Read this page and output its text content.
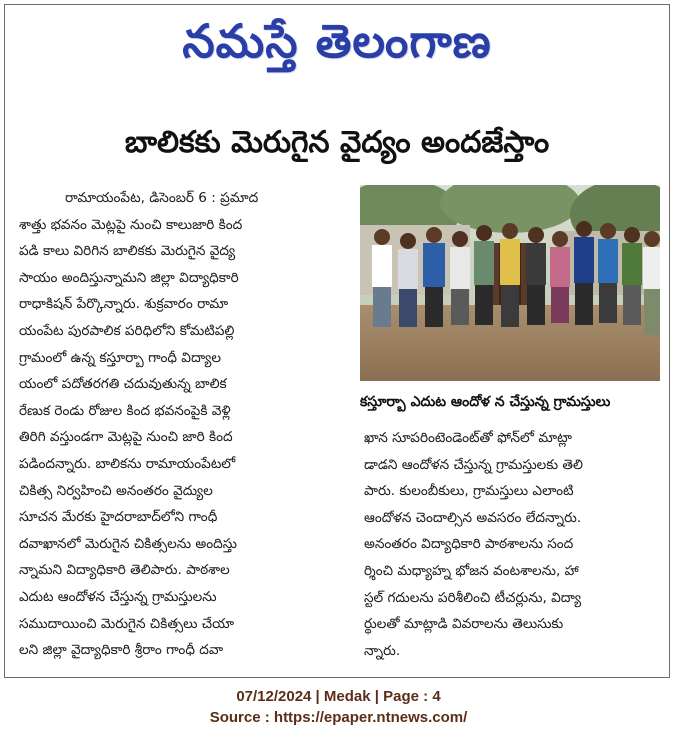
నమస్తే తెలంగాణ
బాలికకు మెరుగైన వైద్యం అందజేస్తాం

రామాయంపేట, డిసెంబర్ 6 : ప్రమాద

శాత్తు భవనం మెట్లపై నుంచి కాలుజారి కింద

పడి కాలు విరిగిన బాలికకు మెరుగైన వైద్య

సాయం అందిస్తున్నామని జిల్లా విద్యాధికారి

రాధాకిషన్ పేర్కొన్నారు. శుక్రవారం రామా

యంపేట పురపాలిక పరిధిలోని కోమటిపల్లి

గ్రామంలో ఉన్న కస్తూర్బా గాంధీ విద్యాల

యంలో పదోతరగతి చదువుతున్న బాలిక

రేణుక రెండు రోజుల కింద భవనంపైకి వెళ్లి

తిరిగి వస్తుండగా మెట్లపై నుంచి జారి కింద

పడిందన్నారు. బాలికను రామాయంపేటలో

చికిత్స నిర్వహించి అనంతరం వైద్యుల

సూచన మేరకు హైదరాబాద్‌లోని గాంధీ

దవాఖానలో మెరుగైన చికిత్సలను అందిస్తు

న్నామని విద్యాధికారి తెలిపారు. పాఠశాల

ఎదుట ఆందోళన చేస్తున్న గ్రామస్తులను

సముదాయించి మెరుగైన చికిత్సలు చేయా

లని జిల్లా వైద్యాధికారి శ్రీరాం గాంధీ దవా

కస్తూర్బా ఎదుట ఆందోళ న చేస్తున్న గ్రామస్తులు

ఖాన సూపరింటెండెంట్‌తో ఫోన్‌లో మాట్లా

డాడని ఆందోళన చేస్తున్న గ్రామస్తులకు తెలి

పారు. కులంబీకులు, గ్రామస్తులు ఎలాంటి

ఆందోళన చెందాల్సిన అవసరం లేదన్నారు.

అనంతరం విద్యాధికారి పాఠశాలను సంద

ర్శించి మధ్యాహ్న భోజన వంటశాలను, హా

స్టల్ గదులను పరిశీలించి టీచర్లును, విద్యా

ర్థులతో మాట్లాడి వివరాలను తెలుసుకు

న్నారు.

07/12/2024 | Medak | Page : 4
Source : https://epaper.ntnews.com/
